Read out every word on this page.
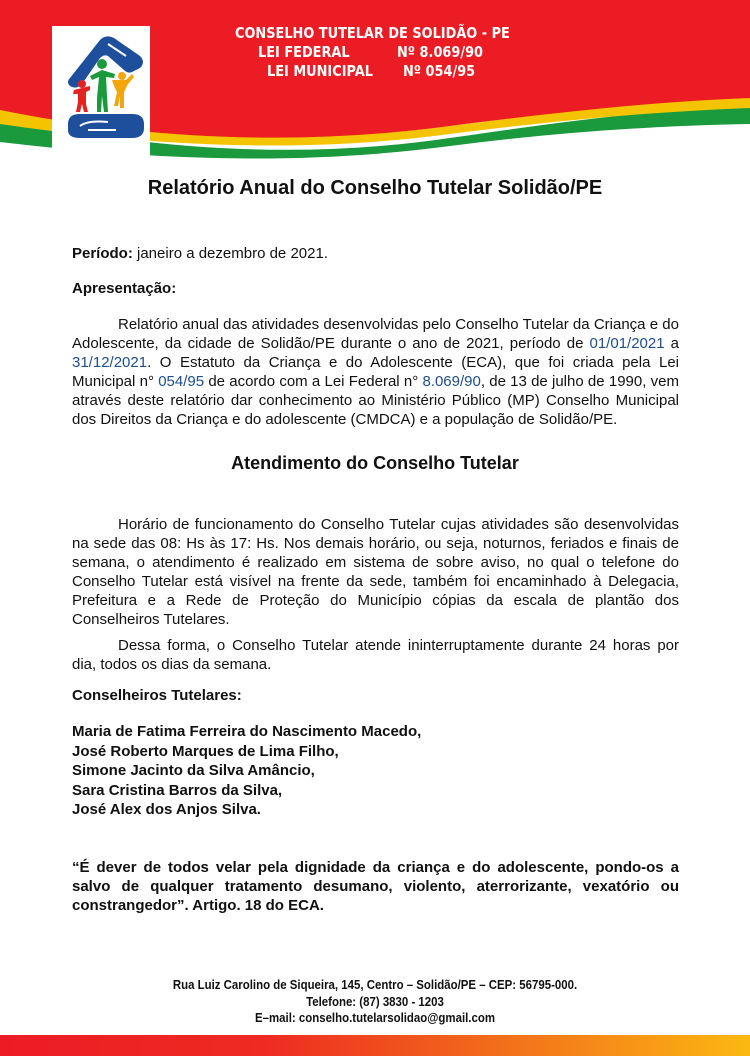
CONSELHO TUTELAR DE SOLIDÃO - PE
LEI FEDERAL	Nº 8.069/90
LEI MUNICIPAL Nº 054/95
Relatório Anual do Conselho Tutelar Solidão/PE
Período: janeiro a dezembro de 2021.
Apresentação:
Relatório anual das atividades desenvolvidas pelo Conselho Tutelar da Criança e do Adolescente, da cidade de Solidão/PE durante o ano de 2021, período de 01/01/2021 a 31/12/2021. O Estatuto da Criança e do Adolescente (ECA), que foi criada pela Lei Municipal n° 054/95 de acordo com a Lei Federal n° 8.069/90, de 13 de julho de 1990, vem através deste relatório dar conhecimento ao Ministério Público (MP) Conselho Municipal dos Direitos da Criança e do adolescente (CMDCA) e a população de Solidão/PE.
Atendimento do Conselho Tutelar
Horário de funcionamento do Conselho Tutelar cujas atividades são desenvolvidas na sede das 08: Hs às 17: Hs. Nos demais horário, ou seja, noturnos, feriados e finais de semana, o atendimento é realizado em sistema de sobre aviso, no qual o telefone do Conselho Tutelar está visível na frente da sede, também foi encaminhado à Delegacia, Prefeitura e a Rede de Proteção do Município cópias da escala de plantão dos Conselheiros Tutelares.
Dessa forma, o Conselho Tutelar atende ininterruptamente durante 24 horas por dia, todos os dias da semana.
Conselheiros Tutelares:
Maria de Fatima Ferreira do Nascimento Macedo,
José Roberto Marques de Lima Filho,
Simone Jacinto da Silva Amâncio,
Sara Cristina Barros da Silva,
José Alex dos Anjos Silva.
“É dever de todos velar pela dignidade da criança e do adolescente, pondo-os a salvo de qualquer tratamento desumano, violento, aterrorizante, vexatório ou constrangedor”. Artigo. 18 do ECA.
Rua Luiz Carolino de Siqueira, 145, Centro – Solidão/PE – CEP: 56795-000.
Telefone: (87) 3830 - 1203
E–mail: conselho.tutelarsolidao@gmail.com
